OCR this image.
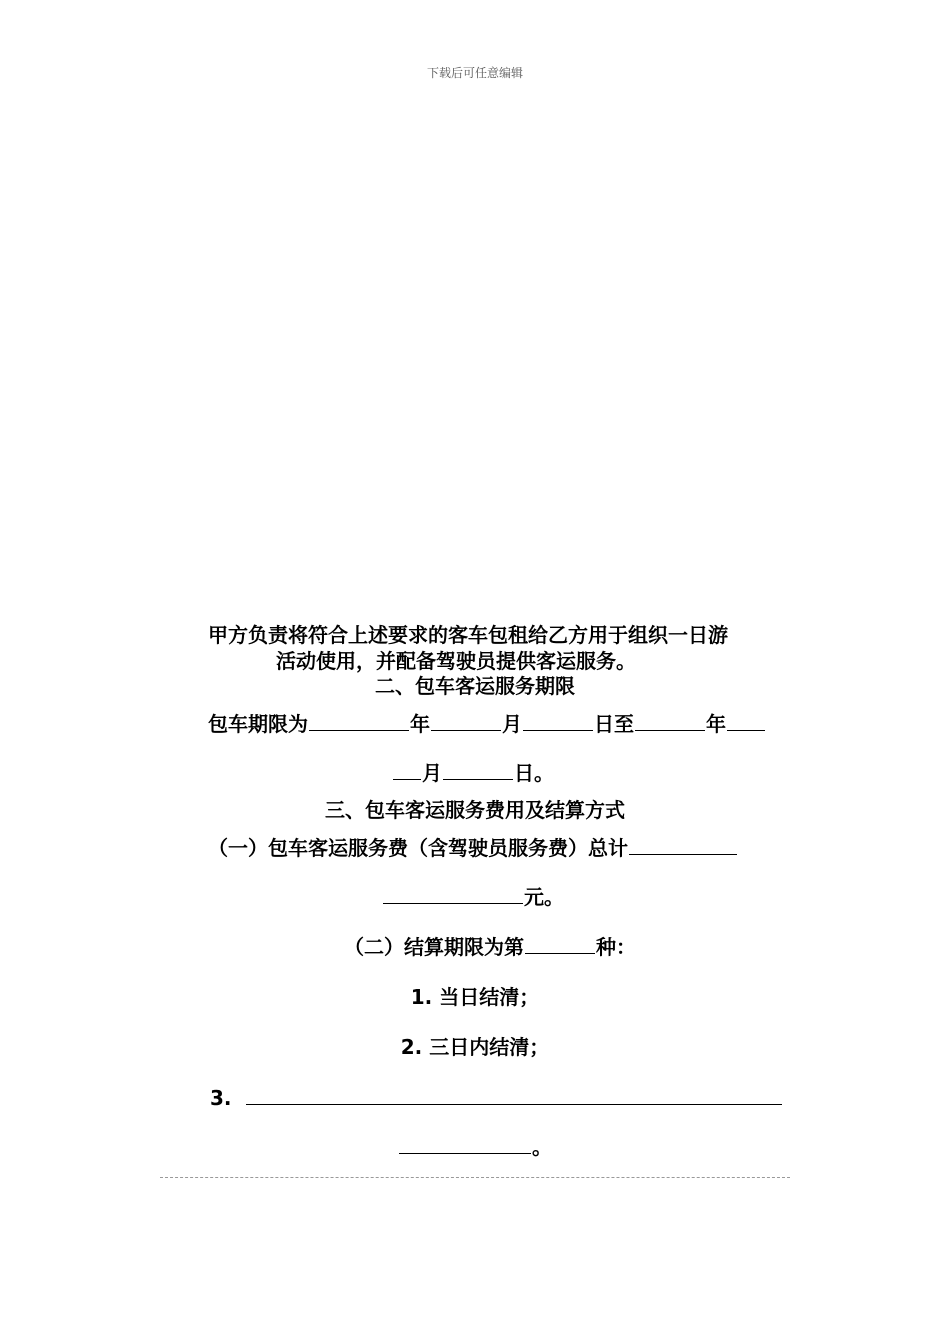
下载后可任意编辑
甲方负责将符合上述要求的客车包租给乙方用于组织一日游
活动使用，并配备驾驶员提供客运服务。
二、包车客运服务期限
包车期限为	年	月	日至	年
月	日。
三、包车客运服务费用及结算方式
（一）包车客运服务费（含驾驶员服务费）总计
元。
（二）结算期限为第	种：
1. 当日结清；
2. 三日内结清；
3.
。
